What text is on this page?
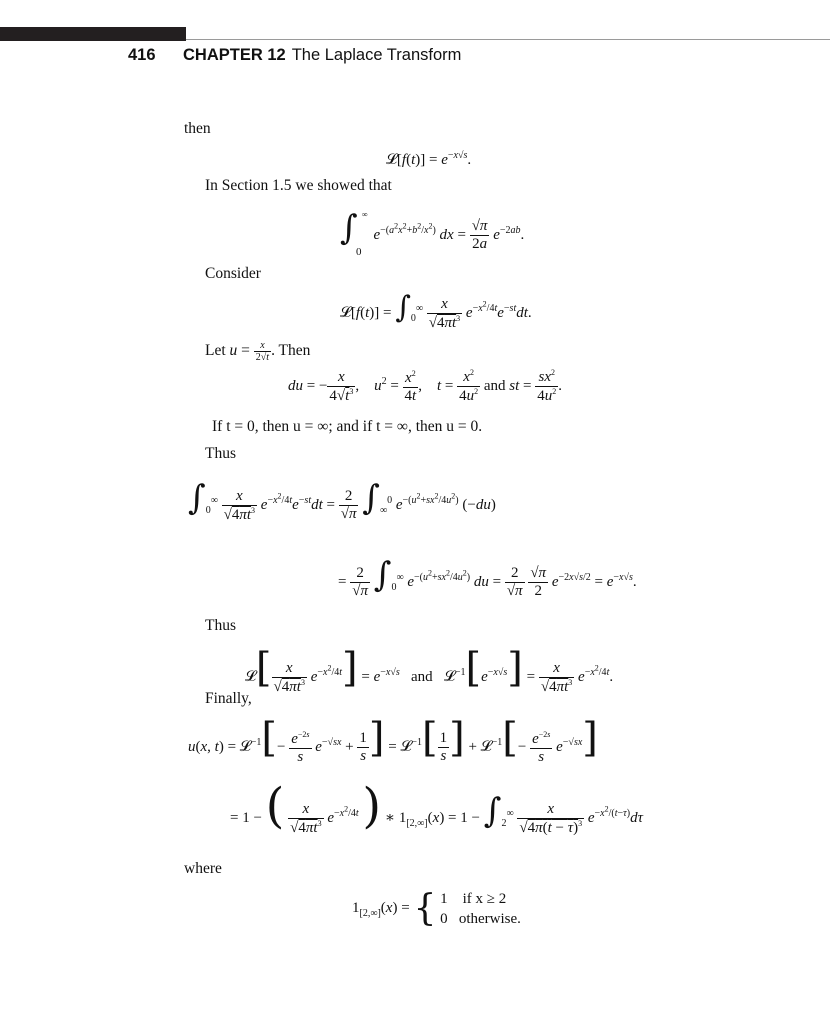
416 CHAPTER 12 The Laplace Transform
then
𝓛[f(t)] = $e^{-x√s}$.
In Section 1.5 we showed that
∫ ∞
0
$e^{-(a^2x^2+b^2/x^2)}$ dx = $\frac{√\pi}{2a} e^{-2ab}$.
Consider
𝓛[f(t)] = $\int_0^\infty \frac{x}{√4\pi t^3} e^{-x^2/4t}e^{-st}dt$.
Let $u = \frac{x}{2√t}$ . Then
du = − $\frac{x}{4√t^3}$ ,    $u^2 = \frac{x^2}{4t}$ ,    $t = \frac{x^2}{4u^2}$ and st = $\frac{sx^2}{4u^2}$ .
If t = 0, then u = ∞; and if t = ∞, then u = 0.
Thus
$\int_0^\infty \frac{x}{√4\pi t^3} e^{-x^2/4t}e^{-st}dt = \frac{2}{√\pi} \int_\infty^0$ $e^{-(u^2+sx^2/4u^2)}$ (−du)
= $\frac{2}{√\pi} \int_0^\infty$ $e^{-(u^2+sx^2/4u^2)}$ du = $\frac{2}{√\pi}$
$\frac{√\pi}{2} e^{-2x√s/2} = e^{-x√s}$.
Thus
𝓛[ $\frac{x}{√4\pi t^3} e^{-x^2/4t}] = e^{-x√s}$ and   $𝓛^{-1}[e^{-x√s}] = \frac{x}{√4\pi t^3} e^{-x^2/4t}$.
Finally,
u(x, t) = 𝓛$^{-1}$[− $\frac{e^{-2s}}{s} e^{-√sx} + \frac{1}{s}$ ] = 𝓛$^{-1}$[ $\frac{1}{s}$ ] + 𝓛$^{-1}$[− $\frac{e^{-2s}}{s} e^{-√sx}$]
= 1 − ( $\frac{x}{√4\pi t^3} e^{-x^2/4t}$ ) ∗ $1_{[2,\infty]}(x) = 1 - \int_2^\infty \frac{x}{√4\pi(t - \tau)^3} e^{-x^2/(t-\tau)}d\tau$
where
$1_{[2,\infty]}(x)$ = { 1    if x ≥ 2
0   otherwise.
